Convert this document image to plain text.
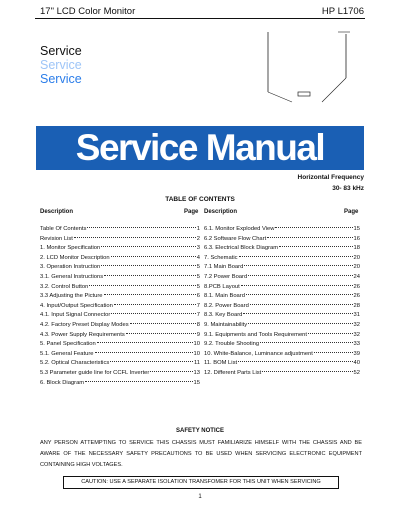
17" LCD Color Monitor	HP L1706
Service
Service
Service
Service Manual
Horizontal Frequency
30- 83 kHz
TABLE OF CONTENTS
Description	Page Description	Page
Table Of Contents	1
Revision List	2
1. Monitor Specification	3
2. LCD Monitor Description	4
3. Operation Instruction	5
3.1. General Instructions	5
3.2. Control Button	5
3.3 Adjusting the Picture	6
4. Input/Output Specification	7
4.1. Input Signal Connector	7
4.2. Factory Preset Display Modes	8
4.3. Power Supply Requirements	9
5. Panel Specification	10
5.1. General Feature	10
5.2. Optical Characteristics	11
5.3 Parameter guide line for CCFL Inverter	13
6. Block Diagram	15
6.1. Monitor Exploded View	15
6.2 Software Flow Chart	16
6.3. Electrical Block Diagram	18
7. Schematic	20
7.1 Main Board	20
7.2 Power Board	24
8.PCB Layout	26
8.1. Main Board	26
8.2. Power Board	28
8.3. Key Board	31
9. Maintainability	32
9.1. Equipments and Tools Requirement	32
9.2. Trouble Shooting	33
10. White-Balance, Luminance adjustment	39
11. BOM List	40
12. Different Parts List	52
SAFETY NOTICE
ANY PERSON ATTEMPTING TO SERVICE THIS CHASSIS MUST FAMILIARIZE HIMSELF WITH THE CHASSIS AND BE AWARE OF THE NECESSARY SAFETY PRECAUTIONS TO BE USED WHEN SERVICING ELECTRONIC EQUIPMENT CONTAINING HIGH VOLTAGES.
CAUTION: USE A SEPARATE ISOLATION TRANSFOMER FOR THIS UNIT WHEN SERVICING
1
